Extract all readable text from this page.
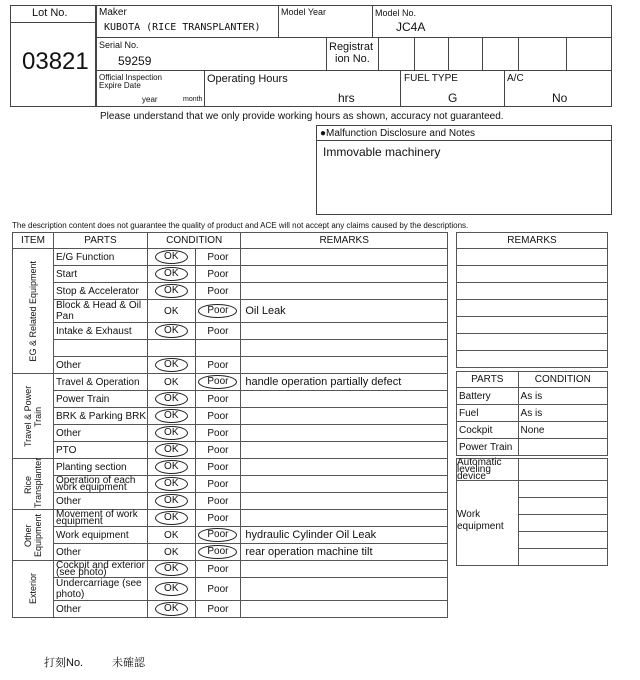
Lot No.
03821
Maker
KUBOTA (RICE TRANSPLANTER)
Model Year	Model No.
JC4A
Serial No.
59259
Registrat
ion No.
Official Inspection
Expire Date
year	month
Operating Hours
hrs
FUEL TYPE
G
A/C
No
Please understand that we only provide working hours as shown, accuracy not guaranteed.
●Malfunction Disclosure and Notes
Immovable machinery
The description content does not guarantee the quality of product and ACE will not accept any claims caused by the descriptions.
ITEM	PARTS	CONDITION		REMARKS

EG & Related Equipment	E/G Function	OK	Poor	
	Start	OK	Poor	
	Stop & Accelerator	OK	Poor	
	Block & Head & Oil Pan	OK	Poor	Oil Leak
	Intake & Exhaust	OK	Poor	

	Other	OK	Poor	

Travel & Power Train	Travel & Operation	OK	Poor	handle operation partially defect
	Power Train	OK	Poor	
	BRK & Parking BRK	OK	Poor	
	Other	OK	Poor	
	PTO	OK	Poor	

Rice Transplanter	Planting section	OK	Poor	
	Operation of each work equipment	OK	Poor	
	Other	OK	Poor	

Other Equipment	Movement of work equipment	OK	Poor	
	Work equipment	OK	Poor	hydraulic Cylinder Oil Leak
	Other	OK	Poor	rear operation machine tilt

Exterior	Cockpit and exterior (see photo)	OK	Poor	
	Undercarriage (see photo)	OK	Poor	
	Other	OK	Poor	
REMARKS

PARTS	CONDITION
Battery	As is
Fuel	As is
Cockpit	None
Power Train	
Automatic leveling device	
Work
equipment	

打刻No.	未確認
